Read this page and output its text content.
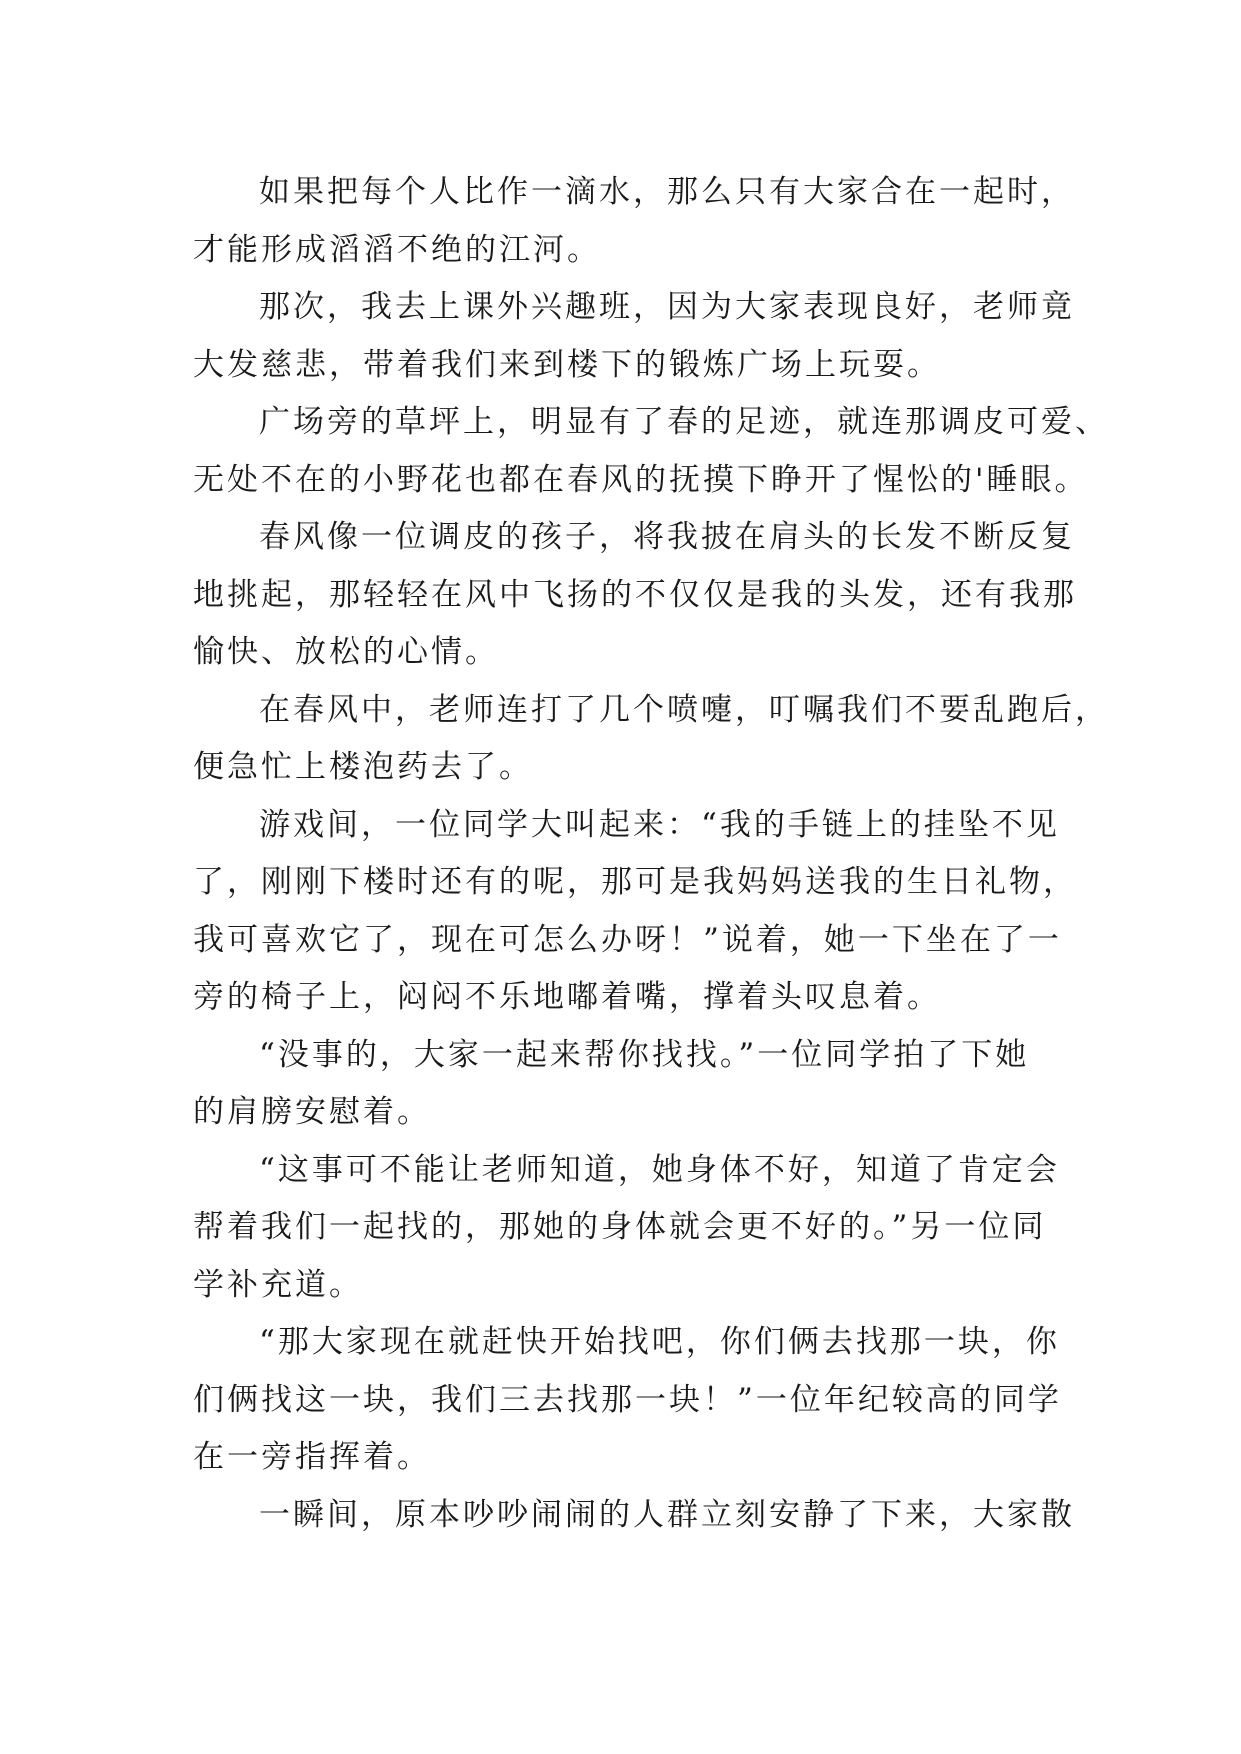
如果把每个人比作一滴水，那么只有大家合在一起时，
才能形成滔滔不绝的江河。
那次，我去上课外兴趣班，因为大家表现良好，老师竟
大发慈悲，带着我们来到楼下的锻炼广场上玩耍。
广场旁的草坪上，明显有了春的足迹，就连那调皮可爱、
无处不在的小野花也都在春风的抚摸下睁开了惺忪的'睡眼。
春风像一位调皮的孩子，将我披在肩头的长发不断反复
地挑起，那轻轻在风中飞扬的不仅仅是我的头发，还有我那
愉快、放松的心情。
在春风中，老师连打了几个喷嚏，叮嘱我们不要乱跑后，
便急忙上楼泡药去了。
游戏间，一位同学大叫起来：“我的手链上的挂坠不见
了，刚刚下楼时还有的呢，那可是我妈妈送我的生日礼物，
我可喜欢它了，现在可怎么办呀！”说着，她一下坐在了一
旁的椅子上，闷闷不乐地嘟着嘴，撑着头叹息着。
“没事的，大家一起来帮你找找。”一位同学拍了下她
的肩膀安慰着。
“这事可不能让老师知道，她身体不好，知道了肯定会
帮着我们一起找的，那她的身体就会更不好的。”另一位同
学补充道。
“那大家现在就赶快开始找吧，你们俩去找那一块，你
们俩找这一块，我们三去找那一块！”一位年纪较高的同学
在一旁指挥着。
一瞬间，原本吵吵闹闹的人群立刻安静了下来，大家散
